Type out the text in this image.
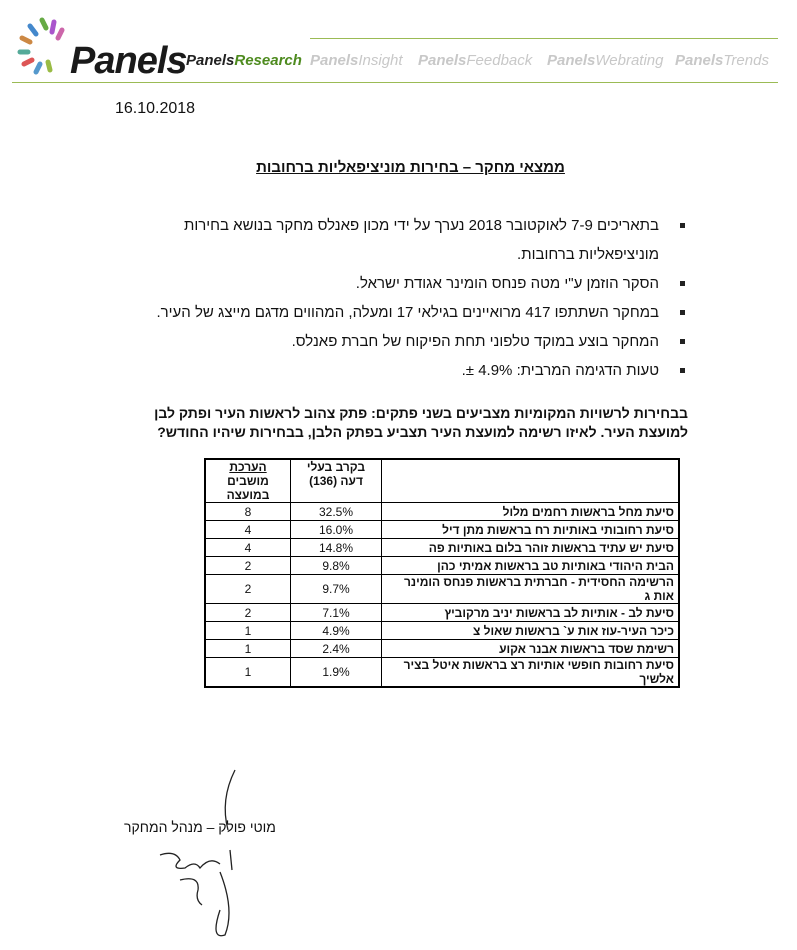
Panels PanelsResearch PanelsInsight PanelsFeedback PanelsWebrating PanelsTrends
16.10.2018
ממצאי מחקר – בחירות מוניציפאליות ברחובות
בתאריכים 7-9 לאוקטובר 2018 נערך על ידי מכון פאנלס מחקר בנושא בחירות מוניציפאליות ברחובות.
הסקר הוזמן ע"י מטה פנחס הומינר אגודת ישראל.
במחקר השתתפו 417 מרואיינים בגילאי 17 ומעלה, המהווים מדגם מייצג של העיר.
המחקר בוצע במוקד טלפוני תחת הפיקוח של חברת פאנלס.
טעות הדגימה המרבית: 4.9% ±.
בבחירות לרשויות המקומיות מצביעים בשני פתקים: פתק צהוב לראשות העיר ופתק לבן למועצת העיר. לאיזו רשימה למועצת העיר תצביע בפתק הלבן, בבחירות שיהיו החודש?
	בקרב בעלי דעה (136)	הערכת
מושבים במועצה
סיעת מחל בראשות רחמים מלול	32.5%	8
סיעת רחובותי באותיות רח בראשות מתן דיל	16.0%	4
סיעת יש עתיד בראשות זוהר בלום באותיות פה	14.8%	4
הבית היהודי באותיות טב בראשות אמיתי כהן	9.8%	2
הרשימה החסידית - חברתית בראשות פנחס הומינר אות ג	9.7%	2
סיעת לב - אותיות לב בראשות יניב מרקוביץ	7.1%	2
כיכר העיר-עוז אות ע` בראשות שאול צ	4.9%	1
רשימת שסד בראשות אבנר אקוע	2.4%	1
סיעת רחובות חופשי אותיות רצ בראשות איטל בציר אלשיך	1.9%	1
מוטי פולק – מנהל המחקר
